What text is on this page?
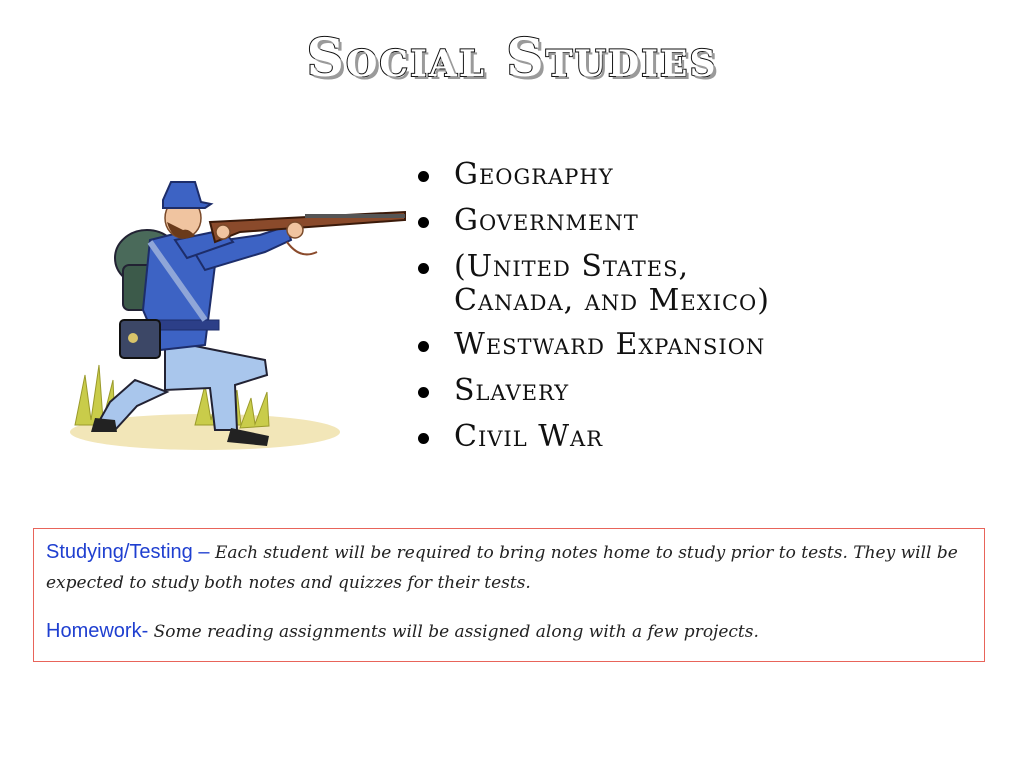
Social Studies
Geography
Government
(United States,
Canada, and Mexico)
Westward Expansion
Slavery
Civil War

Studying/Testing – Each student will be required to bring notes home to study prior to tests. They will be expected to study both notes and quizzes for their tests.

Homework- Some reading assignments will be assigned along with a few projects.
